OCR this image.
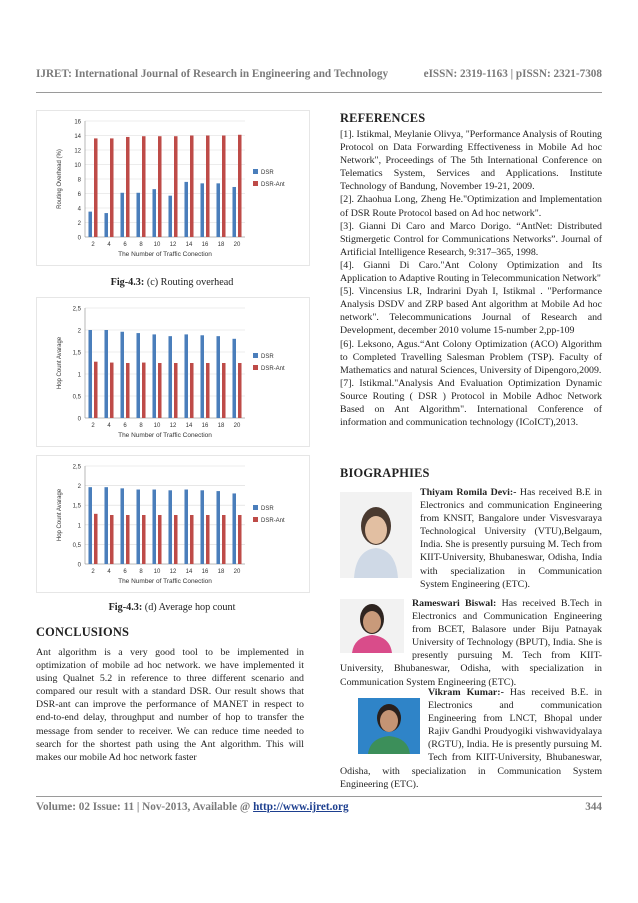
IJRET: International Journal of Research in Engineering and Technology	eISSN: 2319-1163 | pISSN: 2321-7308
0
2
4
6
8
10
12
14
16
2 4 6 8 10 12 14 16 18 20
The Number of Traffic Conection
Routing Overhead (%)	DSR
DSR-Ant
Fig-4.3: (c) Routing overhead
0
0,5
1
1,5
2
2,5
2 4 6 8 10 12 14 16 18 20
The Number of Traffic Conection
Hop Count Avarage	DSR
DSR-Ant
0
0,5
1
1,5
2
2,5
2 4 6 8 10 12 14 16 18 20
The Number of Traffic Conection
Hop Count Avarage	DSR
DSR-Ant
Fig-4.3: (d) Average hop count
CONCLUSIONS
Ant algorithm is a very good tool to be implemented in optimization of mobile ad hoc network. we have implemented it using Qualnet 5.2 in reference to three different scenario and compared our result with a standard DSR. Our result shows that DSR-ant can improve the performance of MANET in respect to end-to-end delay, throughput and number of hop to transfer the message from sender to receiver. We can reduce time needed to search for the shortest path using the Ant algorithm. This will makes our mobile Ad hoc network faster
REFERENCES

[1]. Istikmal, Meylanie Olivya, "Performance Analysis of Routing Protocol on Data Forwarding Effectiveness in Mobile Ad hoc Network", Proceedings of The 5th International Conference on Telematics System, Services and Applications. Institute Technology of Bandung, November 19-21, 2009.

[2]. Zhaohua Long, Zheng He."Optimization and Implementation of DSR Route Protocol based on Ad hoc network".

[3]. Gianni Di Caro and Marco Dorigo. “AntNet: Distributed Stigmergetic Control for Communications Networks”. Journal of Artificial Intelligence Research, 9:317–365, 1998.

[4]. Gianni Di Caro."Ant Colony Optimization and Its Application to Adaptive Routing in Telecommunication Network"

[5]. Vincensius LR, Indrarini Dyah I, Istikmal . "Performance Analysis DSDV and ZRP based Ant algorithm at Mobile Ad hoc network". Telecommunications Journal of Research and Development, december 2010 volume 15-number 2,pp-109

[6]. Leksono, Agus.“Ant Colony Optimization (ACO) Algorithm to Completed Travelling Salesman Problem (TSP). Faculty of Mathematics and natural Sciences, University of Dipengoro,2009.

[7]. Istikmal."Analysis And Evaluation Optimization Dynamic Source Routing ( DSR ) Protocol in Mobile Adhoc Network Based on Ant Algorithm". International Conference of information and communication technology (ICoICT),2013.

BIOGRAPHIES
Thiyam Romila Devi:- Has received B.E in Electronics and communication Engineering from KNSIT, Bangalore under Visvesvaraya Technological University (VTU),Belgaum, India. She is presently pursuing M. Tech from KIIT-University, Bhubaneswar, Odisha, India with specialization in Communication System Engineering (ETC).
Rameswari Biswal: Has received B.Tech in Electronics and Communication Engineering from BCET, Balasore under Biju Patnayak University of Technology (BPUT), India. She is presently pursuing M. Tech from KIIT-University, Bhubaneswar, Odisha, with specialization in Communication System Engineering (ETC).
Vikram Kumar:- Has received B.E. in Electronics and communication Engineering from LNCT, Bhopal under Rajiv Gandhi Proudyogiki vishwavidyalaya (RGTU), India. He is presently pursuing M. Tech from KIIT-University, Bhubaneswar, Odisha, with specialization in Communication System Engineering (ETC).
Volume: 02 Issue: 11 | Nov-2013, Available @ http://www.ijret.org	344
